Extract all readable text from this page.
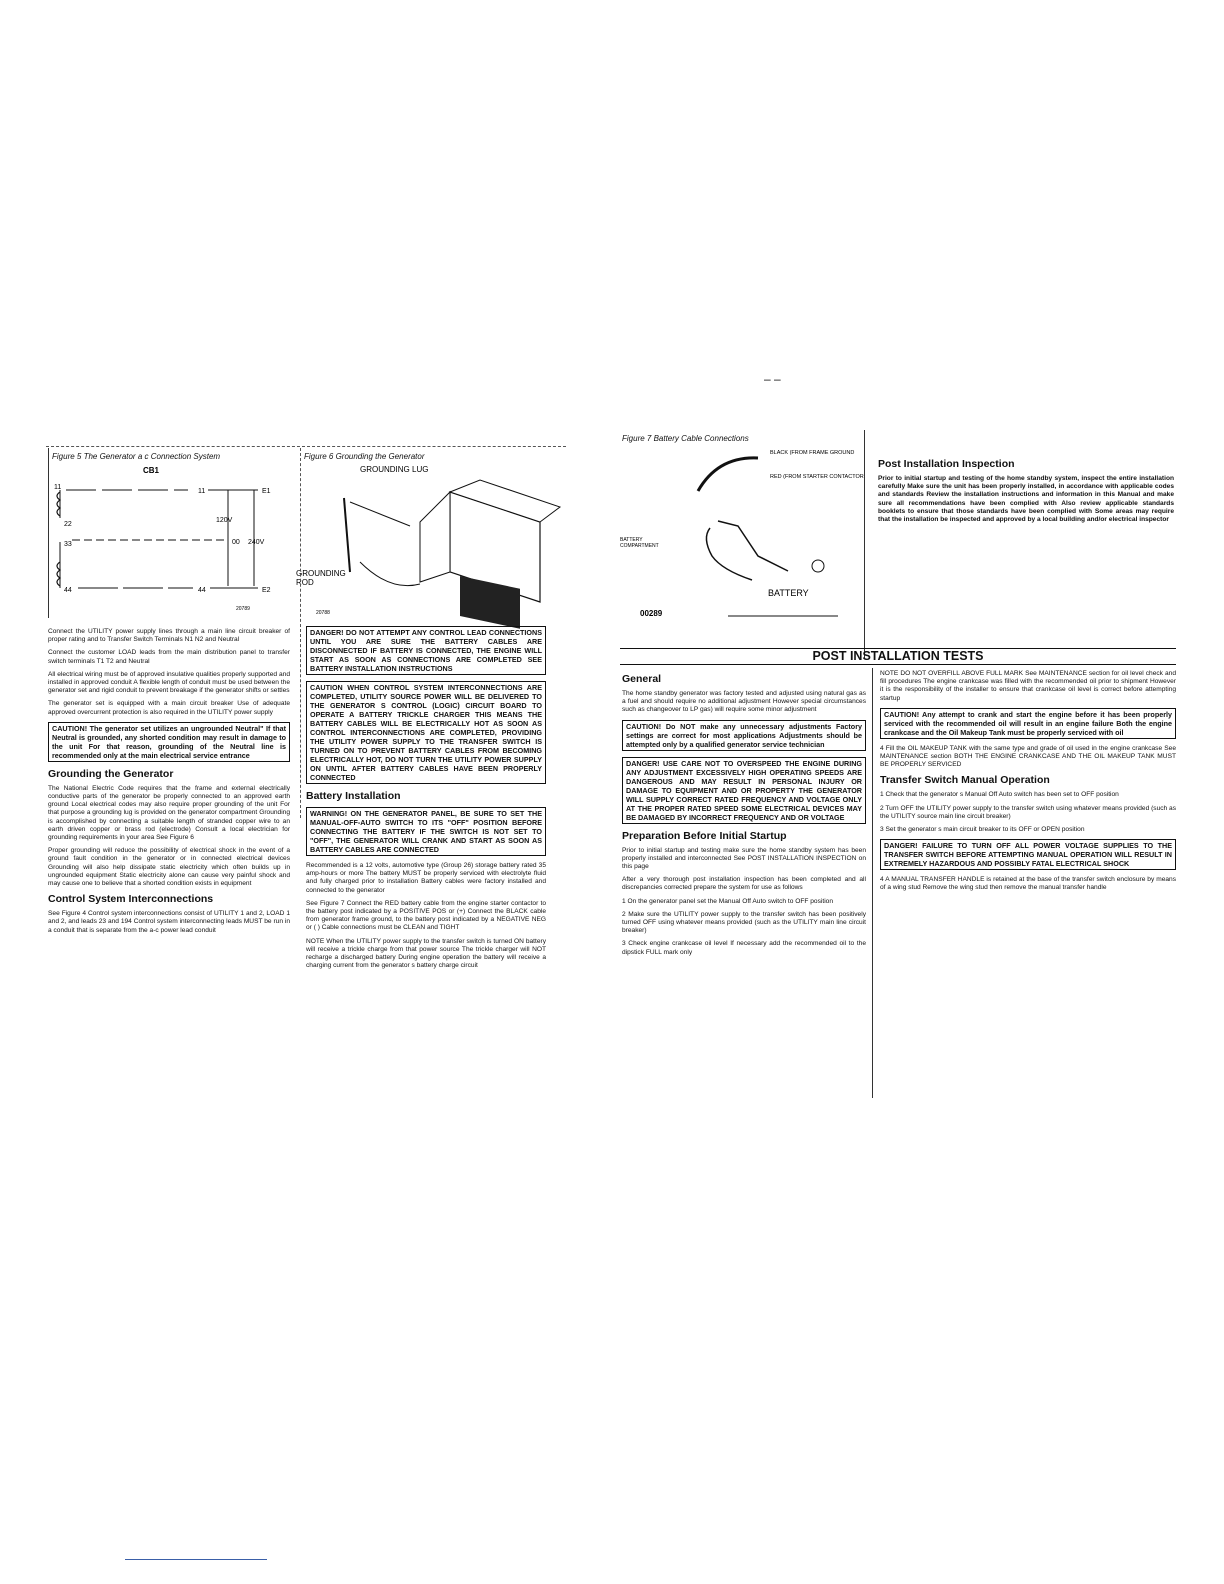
– –
Figure 5 The Generator a c Connection System
CB1
11
11	E1
22
33
120V
00 240V
44	44	E2
20789
Figure 6 Grounding the Generator
GROUNDING LUG
GROUNDING
ROD
20788

Connect the UTILITY power supply lines through a main line circuit breaker of proper rating and to Transfer Switch Terminals N1 N2 and Neutral

Connect the customer LOAD leads from the main distribution panel to transfer switch terminals T1 T2 and Neutral

All electrical wiring must be of approved insulative qualities properly supported and installed in approved conduit A flexible length of conduit must be used between the generator set and rigid conduit to prevent breakage if the generator shifts or settles

The generator set is equipped with a main circuit breaker Use of adequate approved overcurrent protection is also required in the UTILITY power supply

CAUTION! The generator set utilizes an ungrounded Neutral" If that Neutral is grounded, any shorted condition may result in damage to the unit For that reason, grounding of the Neutral line is recommended only at the main electrical service entrance
Grounding the Generator

The National Electric Code requires that the frame and external electrically conductive parts of the generator be properly connected to an approved earth ground Local electrical codes may also require proper grounding of the unit For that purpose a grounding lug is provided on the generator compartment Grounding is accomplished by connecting a suitable length of stranded copper wire to an earth driven copper or brass rod (electrode) Consult a local electrician for grounding requirements in your area See Figure 6

Proper grounding will reduce the possibility of electrical shock in the event of a ground fault condition in the generator or in connected electrical devices Grounding will also help dissipate static electricity which often builds up in ungrounded equipment Static electricity alone can cause very painful shock and may cause one to believe that a shorted condition exists in equipment

Control System Interconnections

See Figure 4 Control system interconnections consist of UTILITY 1 and 2, LOAD 1 and 2, and leads 23 and 194 Control system interconnecting leads MUST be run in a conduit that is separate from the a-c power lead conduit

DANGER! DO NOT ATTEMPT ANY CONTROL LEAD CONNECTIONS UNTIL YOU ARE SURE THE BATTERY CABLES ARE DISCONNECTED IF BATTERY IS CONNECTED, THE ENGINE WILL START AS SOON AS CONNECTIONS ARE COMPLETED SEE BATTERY INSTALLATION INSTRUCTIONS
CAUTION WHEN CONTROL SYSTEM INTERCONNECTIONS ARE COMPLETED, UTILITY SOURCE POWER WILL BE DELIVERED TO THE GENERATOR S CONTROL (LOGIC) CIRCUIT BOARD TO OPERATE A BATTERY TRICKLE CHARGER THIS MEANS THE BATTERY CABLES WILL BE ELECTRICALLY HOT AS SOON AS CONTROL INTERCONNECTIONS ARE COMPLETED, PROVIDING THE UTILITY POWER SUPPLY TO THE TRANSFER SWITCH IS TURNED ON TO PREVENT BATTERY CABLES FROM BECOMING ELECTRICALLY HOT, DO NOT TURN THE UTILITY POWER SUPPLY ON UNTIL AFTER BATTERY CABLES HAVE BEEN PROPERLY CONNECTED
Battery Installation
WARNING! ON THE GENERATOR PANEL, BE SURE TO SET THE MANUAL-OFF-AUTO SWITCH TO ITS "OFF" POSITION BEFORE CONNECTING THE BATTERY IF THE SWITCH IS NOT SET TO "OFF", THE GENERATOR WILL CRANK AND START AS SOON AS BATTERY CABLES ARE CONNECTED

Recommended is a 12 volts, automotive type (Group 26) storage battery rated 35 amp-hours or more The battery MUST be properly serviced with electrolyte fluid and fully charged prior to installation Battery cables were factory installed and connected to the generator

See Figure 7 Connect the RED battery cable from the engine starter contactor to the battery post indicated by a POSITIVE POS or (+) Connect the BLACK cable from generator frame ground, to the battery post indicated by a NEGATIVE NEG or ( ) Cable connections must be CLEAN and TIGHT

NOTE When the UTILITY power supply to the transfer switch is turned ON battery will receive a trickle charge from that power source The trickle charger will NOT recharge a discharged battery During engine operation the battery will receive a charging current from the generator s battery charge circuit

Figure 7 Battery Cable Connections
BLACK (FROM FRAME GROUND
RED (FROM STARTER CONTACTOR
BATTERY
COMPARTMENT
BATTERY
00289
Post Installation Inspection

Prior to initial startup and testing of the home standby system, inspect the entire installation carefully Make sure the unit has been properly installed, in accordance with applicable codes and standards Review the installation instructions and information in this Manual and make sure all recommendations have been complied with Also review applicable standards booklets to ensure that those standards have been complied with Some areas may require that the installation be inspected and approved by a local building and/or electrical inspector

POST INSTALLATION TESTS
General

The home standby generator was factory tested and adjusted using natural gas as a fuel and should require no additional adjustment However special circumstances such as changeover to LP gas) will require some minor adjustment

CAUTION! Do NOT make any unnecessary adjustments Factory settings are correct for most applications Adjustments should be attempted only by a qualified generator service technician
DANGER! USE CARE NOT TO OVERSPEED THE ENGINE DURING ANY ADJUSTMENT EXCESSIVELY HIGH OPERATING SPEEDS ARE DANGEROUS AND MAY RESULT IN PERSONAL INJURY OR DAMAGE TO EQUIPMENT AND OR PROPERTY THE GENERATOR WILL SUPPLY CORRECT RATED FREQUENCY AND VOLTAGE ONLY AT THE PROPER RATED SPEED SOME ELECTRICAL DEVICES MAY BE DAMAGED BY INCORRECT FREQUENCY AND OR VOLTAGE
Preparation Before Initial Startup

Prior to initial startup and testing make sure the home standby system has been properly installed and interconnected See POST INSTALLATION INSPECTION on this page

After a very thorough post installation inspection has been completed and all discrepancies corrected prepare the system for use as follows

1 On the generator panel set the Manual Off Auto switch to OFF position

2 Make sure the UTILITY power supply to the transfer switch has been positively turned OFF using whatever means provided (such as the UTILITY main line circuit breaker)

3 Check engine crankcase oil level If necessary add the recommended oil to the dipstick FULL mark only

NOTE DO NOT OVERFILL ABOVE FULL MARK See MAINTENANCE section for oil level check and fill procedures The engine crankcase was filled with the recommended oil prior to shipment However it is the responsibility of the installer to ensure that crankcase oil level is correct before attempting startup

CAUTION! Any attempt to crank and start the engine before it has been properly serviced with the recommended oil will result in an engine failure Both the engine crankcase and the Oil Makeup Tank must be properly serviced with oil

4 Fill the OIL MAKEUP TANK with the same type and grade of oil used in the engine crankcase See MAINTENANCE section BOTH THE ENGINE CRANKCASE AND THE OIL MAKEUP TANK MUST BE PROPERLY SERVICED

Transfer Switch Manual Operation

1 Check that the generator s Manual Off Auto switch has been set to OFF position

2 Turn OFF the UTILITY power supply to the transfer switch using whatever means provided (such as the UTILITY source main line circuit breaker)

3 Set the generator s main circuit breaker to its OFF or OPEN position

DANGER! FAILURE TO TURN OFF ALL POWER VOLTAGE SUPPLIES TO THE TRANSFER SWITCH BEFORE ATTEMPTING MANUAL OPERATION WILL RESULT IN EXTREMELY HAZARDOUS AND POSSIBLY FATAL ELECTRICAL SHOCK

4 A MANUAL TRANSFER HANDLE is retained at the base of the transfer switch enclosure by means of a wing stud Remove the wing stud then remove the manual transfer handle
